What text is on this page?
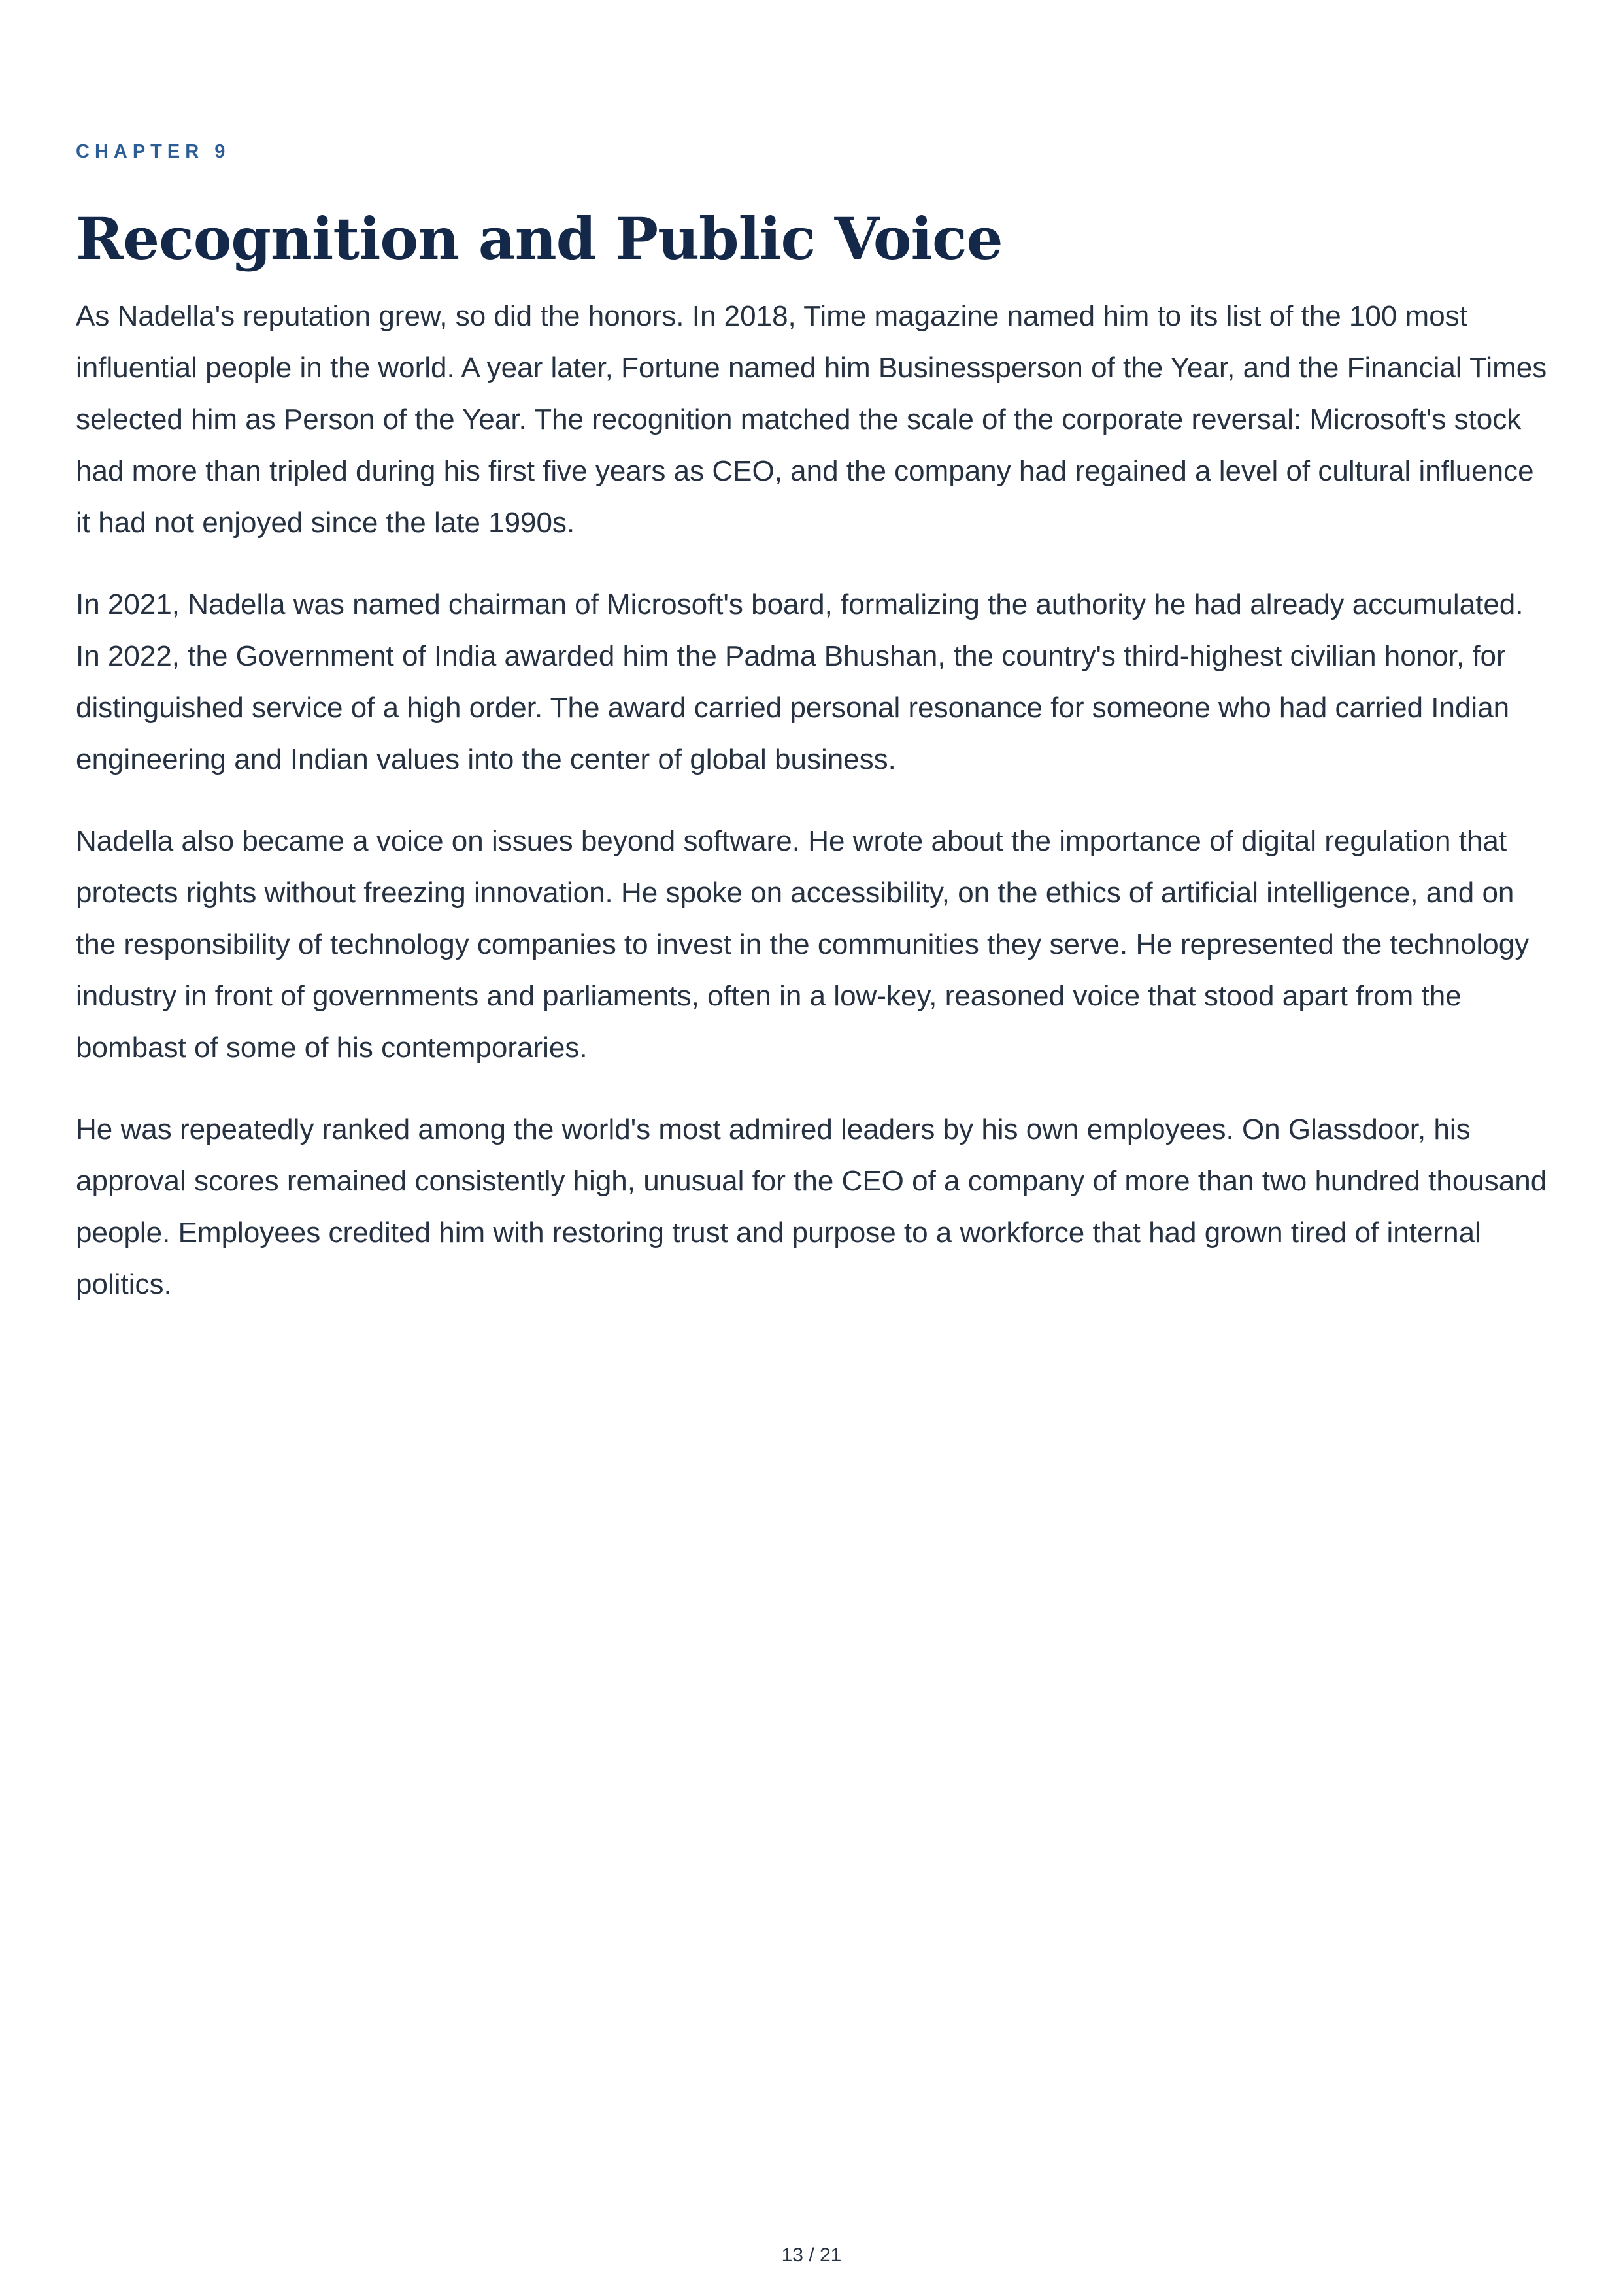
CHAPTER 9
Recognition and Public Voice

As Nadella's reputation grew, so did the honors. In 2018, Time magazine named him to its list of the 100 most influential people in the world. A year later, Fortune named him Businessperson of the Year, and the Financial Times selected him as Person of the Year. The recognition matched the scale of the corporate reversal: Microsoft's stock had more than tripled during his first five years as CEO, and the company had regained a level of cultural influence it had not enjoyed since the late 1990s.

In 2021, Nadella was named chairman of Microsoft's board, formalizing the authority he had already accumulated. In 2022, the Government of India awarded him the Padma Bhushan, the country's third-highest civilian honor, for distinguished service of a high order. The award carried personal resonance for someone who had carried Indian engineering and Indian values into the center of global business.

Nadella also became a voice on issues beyond software. He wrote about the importance of digital regulation that protects rights without freezing innovation. He spoke on accessibility, on the ethics of artificial intelligence, and on the responsibility of technology companies to invest in the communities they serve. He represented the technology industry in front of governments and parliaments, often in a low-key, reasoned voice that stood apart from the bombast of some of his contemporaries.

He was repeatedly ranked among the world's most admired leaders by his own employees. On Glassdoor, his approval scores remained consistently high, unusual for the CEO of a company of more than two hundred thousand people. Employees credited him with restoring trust and purpose to a workforce that had grown tired of internal politics.

13 / 21
